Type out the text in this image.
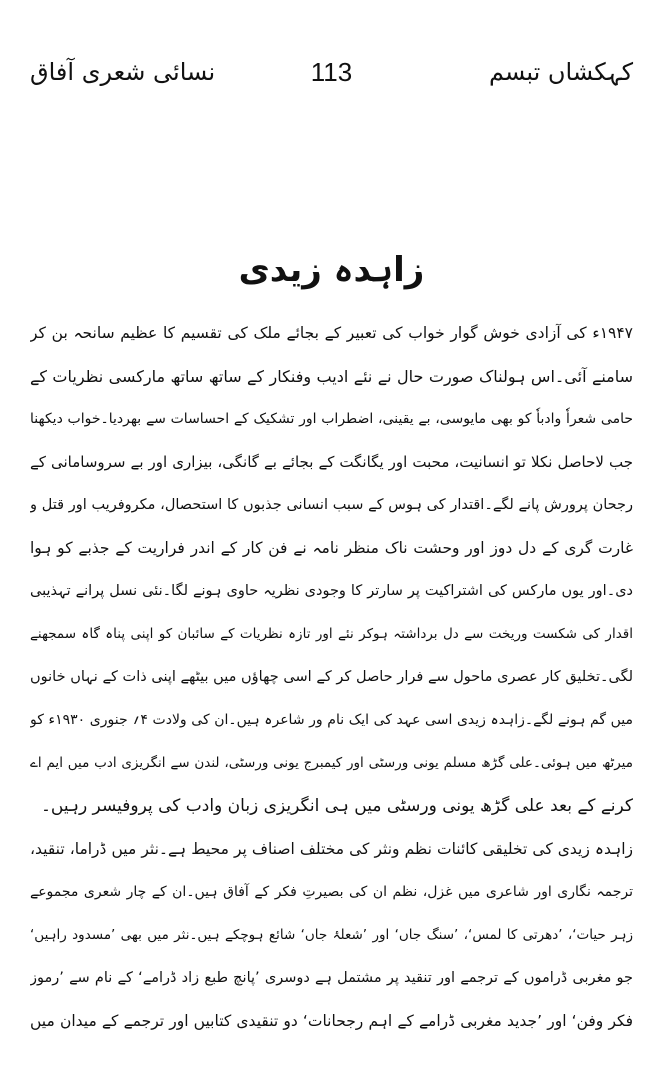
نسائی شعری آفاق	113	کہکشاں تبسم
زاہدہ زیدی
۱۹۴۷ء کی آزادی خوش گوار خواب کی تعبیر کے بجائے ملک کی تقسیم کا عظیم سانحہ بن کر
سامنے آئی۔اس ہولناک صورت حال نے نئے ادیب وفنکار کے ساتھ ساتھ مارکسی نظریات کے
حامی شعراٗ وادباٗ کو بھی مایوسی، بے یقینی، اضطراب اور تشکیک کے احساسات سے بھردیا۔خواب دیکھنا
جب لاحاصل نکلا تو انسانیت، محبت اور یگانگت کے بجائے بے گانگی، بیزاری اور بے سروسامانی کے
رجحان پرورش پانے لگے۔اقتدار کی ہوس کے سبب انسانی جذبوں کا استحصال، مکروفریب اور قتل و
غارت گری کے دل دوز اور وحشت ناک منظر نامہ نے فن کار کے اندر فراریت کے جذبے کو ہوا
دی۔اور یوں مارکس کی اشتراکیت پر سارتر کا وجودی نظریہ حاوی ہونے لگا۔نئی نسل پرانے تہذیبی
اقدار کی شکست وریخت سے دل برداشتہ ہوکر نئے اور تازہ نظریات کے سائبان کو اپنی پناہ گاہ سمجھنے
لگی۔تخلیق کار عصری ماحول سے فرار حاصل کر کے اسی چھاؤں میں بیٹھے اپنی ذات کے نہاں خانوں
میں گم ہونے لگے۔زاہدہ زیدی اسی عہد کی ایک نام ور شاعرہ ہیں۔ان کی ولادت ۴؍ جنوری ۱۹۳۰ء کو
میرٹھ میں ہوئی۔علی گڑھ مسلم یونی ورسٹی اور کیمبرج یونی ورسٹی، لندن سے انگریزی ادب میں ایم اے
کرنے کے بعد علی گڑھ یونی ورسٹی میں ہی انگریزی زبان وادب کی پروفیسر رہیں۔
زاہدہ زیدی کی تخلیقی کائنات نظم ونثر کی مختلف اصناف پر محیط ہے۔نثر میں ڈراما، تنقید،
ترجمہ نگاری اور شاعری میں غزل، نظم ان کی بصیرتِ فکر کے آفاق ہیں۔ان کے چار شعری مجموعے
زہر حیات‘، ’دھرتی کا لمس‘، ’سنگ جاں‘ اور ’شعلۂ جاں‘ شائع ہوچکے ہیں۔نثر میں بھی ’مسدود راہیں‘
جو مغربی ڈراموں کے ترجمے اور تنقید پر مشتمل ہے دوسری ’پانچ طبع زاد ڈرامے‘ کے نام سے ’رموز
فکر وفن‘ اور ’جدید مغربی ڈرامے کے اہم رجحانات‘ دو تنقیدی کتابیں اور ترجمے کے میدان میں
